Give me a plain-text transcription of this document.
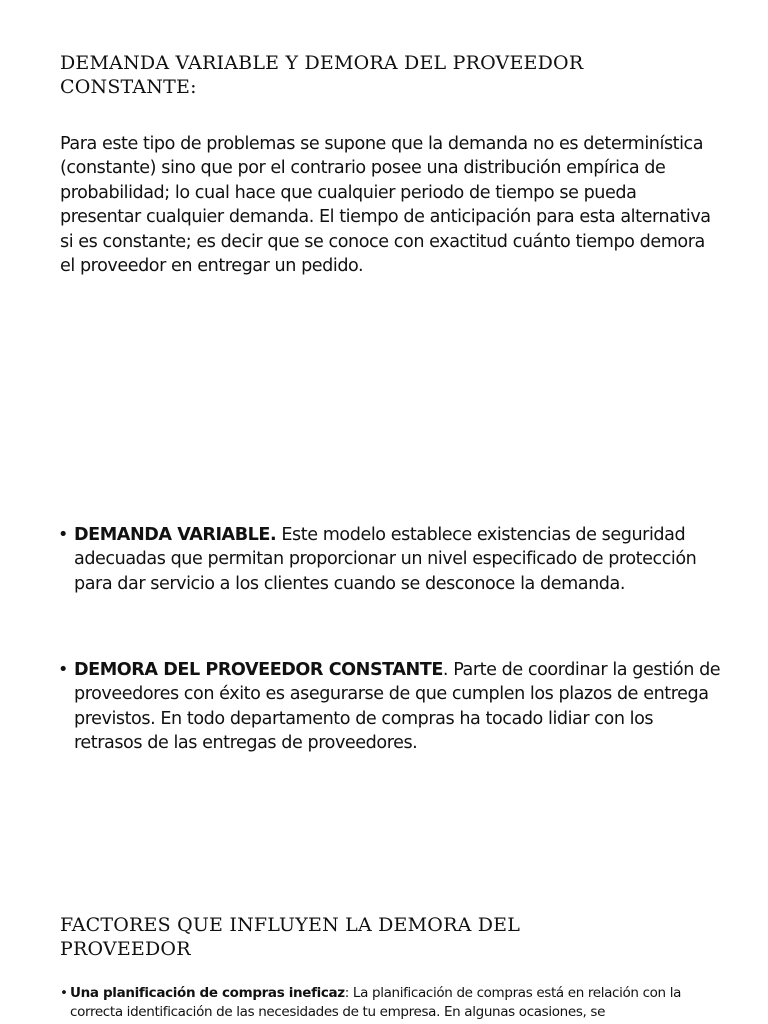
DEMANDA VARIABLE Y DEMORA DEL PROVEEDOR
CONSTANTE:

Para este tipo de problemas se supone que la demanda no es determinística (constante) sino que por el contrario posee una distribución empírica de probabilidad; lo cual hace que cualquier periodo de tiempo se pueda presentar cualquier demanda. El tiempo de anticipación para esta alternativa si es constante; es decir que se conoce con exactitud cuánto tiempo demora el proveedor en entregar un pedido.

• DEMANDA VARIABLE. Este modelo establece existencias de seguridad adecuadas que permitan proporcionar un nivel especificado de protección para dar servicio a los clientes cuando se desconoce la demanda.

• DEMORA DEL PROVEEDOR CONSTANTE. Parte de coordinar la gestión de proveedores con éxito es asegurarse de que cumplen los plazos de entrega previstos. En todo departamento de compras ha tocado lidiar con los retrasos de las entregas de proveedores.

FACTORES QUE INFLUYEN LA DEMORA DEL
PROVEEDOR
• Una planificación de compras ineficaz: La planificación de compras está en relación con la correcta identificación de las necesidades de tu empresa. En algunas ocasiones, se
